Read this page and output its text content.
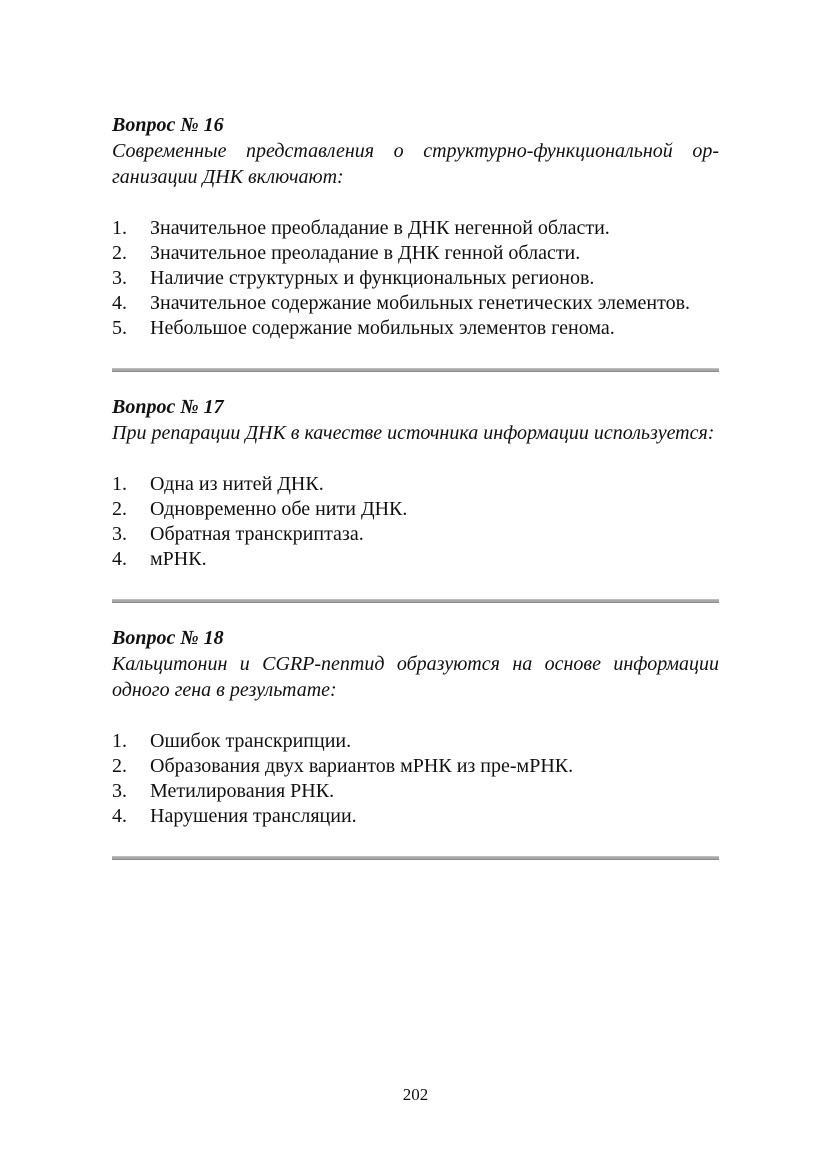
Вопрос № 16

Современные представления о структурно-функциональной организации ДНК включают:

1. Значительное преобладание в ДНК негенной области.
2. Значительное преоладание в ДНК генной области.
3. Наличие структурных и функциональных регионов.
4. Значительное содержание мобильных генетических элементов.
5. Небольшое содержание мобильных элементов генома.

Вопрос № 17

При репарации ДНК в качестве источника информации используется:

1. Одна из нитей ДНК.
2. Одновременно обе нити ДНК.
3. Обратная транскриптаза.
4. мРНК.

Вопрос № 18

Кальцитонин и CGRP-пептид образуются на основе информации одного гена в результате:

1. Ошибок транскрипции.
2. Образования двух вариантов мРНК из пре-мРНК.
3. Метилирования РНК.
4. Нарушения трансляции.
202
